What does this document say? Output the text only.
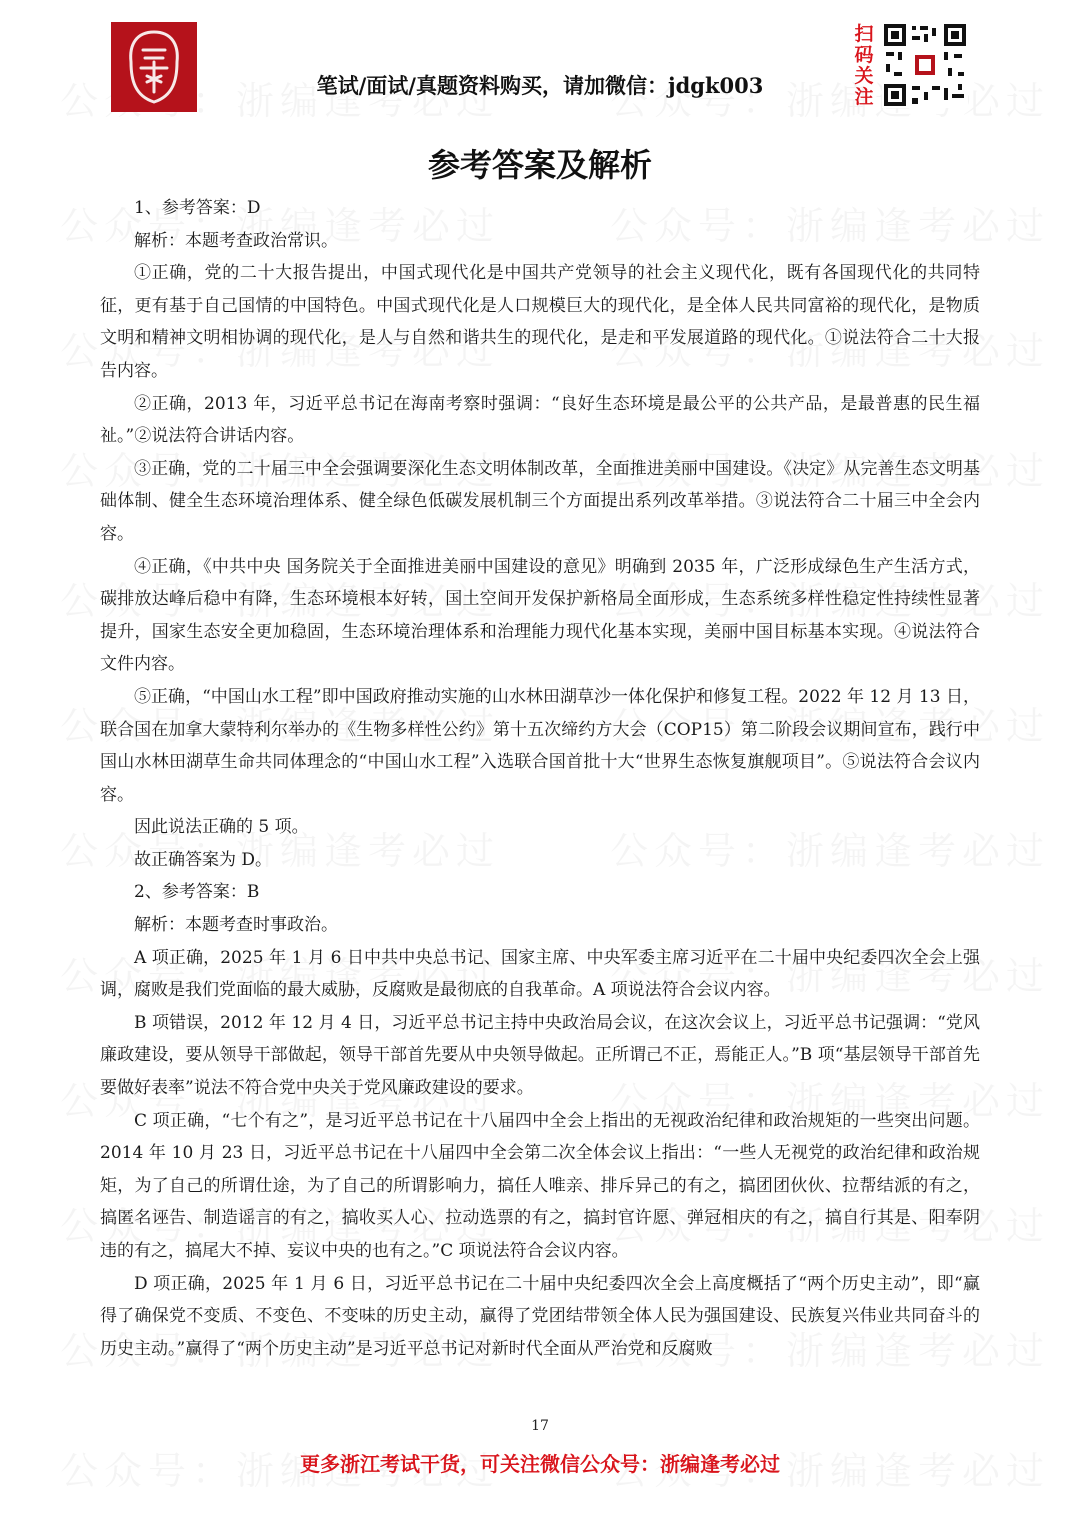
笔试/面试/真题资料购买，请加微信：jdgk003
扫码关注
参考答案及解析

1、参考答案：D

解析：本题考查政治常识。

①正确，党的二十大报告提出，中国式现代化是中国共产党领导的社会主义现代化，既有各国现代化的共同特征，更有基于自己国情的中国特色。中国式现代化是人口规模巨大的现代化，是全体人民共同富裕的现代化，是物质文明和精神文明相协调的现代化，是人与自然和谐共生的现代化，是走和平发展道路的现代化。①说法符合二十大报告内容。

②正确，2013 年，习近平总书记在海南考察时强调：“良好生态环境是最公平的公共产品，是最普惠的民生福祉。”②说法符合讲话内容。

③正确，党的二十届三中全会强调要深化生态文明体制改革，全面推进美丽中国建设。《决定》从完善生态文明基础体制、健全生态环境治理体系、健全绿色低碳发展机制三个方面提出系列改革举措。③说法符合二十届三中全会内容。

④正确，《中共中央 国务院关于全面推进美丽中国建设的意见》明确到 2035 年，广泛形成绿色生产生活方式，碳排放达峰后稳中有降，生态环境根本好转，国土空间开发保护新格局全面形成，生态系统多样性稳定性持续性显著提升，国家生态安全更加稳固，生态环境治理体系和治理能力现代化基本实现，美丽中国目标基本实现。④说法符合文件内容。

⑤正确，“中国山水工程”即中国政府推动实施的山水林田湖草沙一体化保护和修复工程。2022 年 12 月 13 日，联合国在加拿大蒙特利尔举办的《生物多样性公约》第十五次缔约方大会（COP15）第二阶段会议期间宣布，践行中国山水林田湖草生命共同体理念的“中国山水工程”入选联合国首批十大“世界生态恢复旗舰项目”。⑤说法符合会议内容。

因此说法正确的 5 项。

故正确答案为 D。

2、参考答案：B

解析：本题考查时事政治。

A 项正确，2025 年 1 月 6 日中共中央总书记、国家主席、中央军委主席习近平在二十届中央纪委四次全会上强调，腐败是我们党面临的最大威胁，反腐败是最彻底的自我革命。A 项说法符合会议内容。

B 项错误，2012 年 12 月 4 日，习近平总书记主持中央政治局会议，在这次会议上，习近平总书记强调：“党风廉政建设，要从领导干部做起，领导干部首先要从中央领导做起。正所谓己不正，焉能正人。”B 项“基层领导干部首先要做好表率”说法不符合党中央关于党风廉政建设的要求。

C 项正确，“七个有之”，是习近平总书记在十八届四中全会上指出的无视政治纪律和政治规矩的一些突出问题。2014 年 10 月 23 日，习近平总书记在十八届四中全会第二次全体会议上指出：“一些人无视党的政治纪律和政治规矩，为了自己的所谓仕途，为了自己的所谓影响力，搞任人唯亲、排斥异己的有之，搞团团伙伙、拉帮结派的有之，搞匿名诬告、制造谣言的有之，搞收买人心、拉动选票的有之，搞封官许愿、弹冠相庆的有之，搞自行其是、阳奉阴违的有之，搞尾大不掉、妄议中央的也有之。”C 项说法符合会议内容。

D 项正确，2025 年 1 月 6 日，习近平总书记在二十届中央纪委四次全会上高度概括了“两个历史主动”，即“赢得了确保党不变质、不变色、不变味的历史主动，赢得了党团结带领全体人民为强国建设、民族复兴伟业共同奋斗的历史主动。”赢得了“两个历史主动”是习近平总书记对新时代全面从严治党和反腐败

17
更多浙江考试干货，可关注微信公众号：浙编逢考必过
